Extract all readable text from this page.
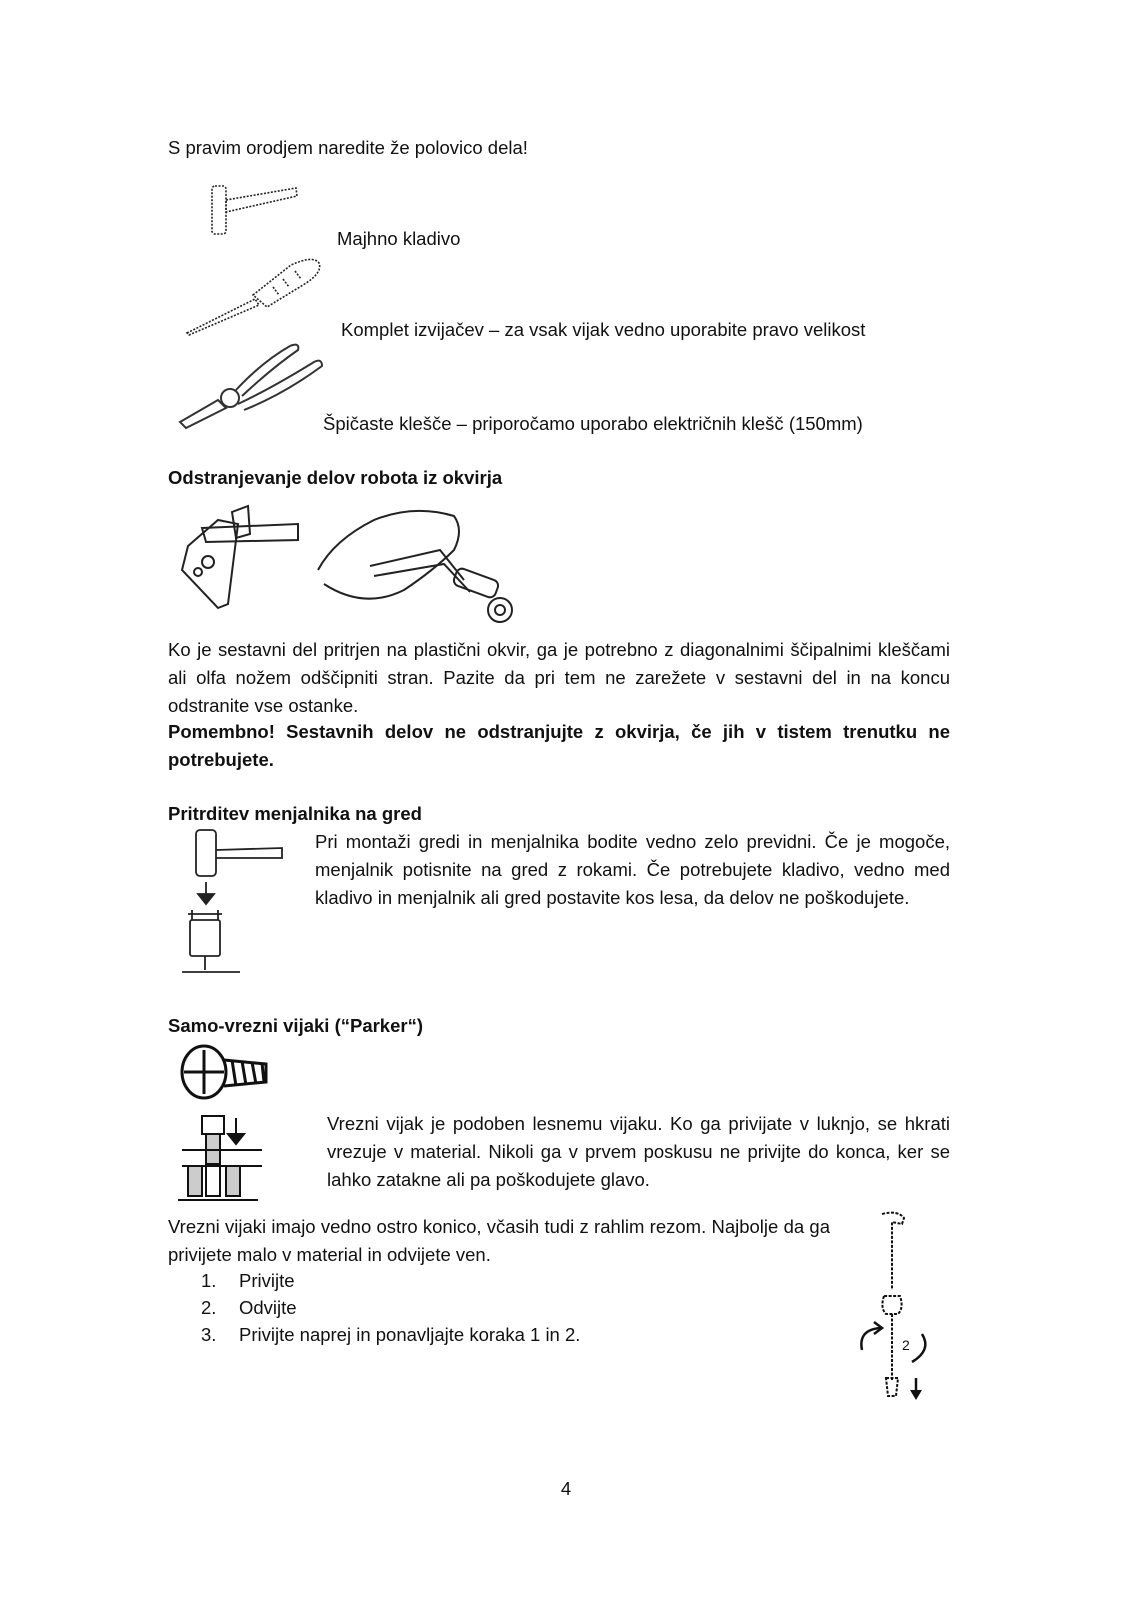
S pravim orodjem naredite že polovico dela!

Majhno kladivo

Komplet izvijačev – za vsak vijak vedno uporabite pravo velikost

Špičaste klešče – priporočamo uporabo električnih klešč (150mm)

Odstranjevanje delov robota iz okvirja

Ko je sestavni del pritrjen na plastični okvir, ga je potrebno z diagonalnimi ščipalnimi kleščami ali olfa nožem odščipniti stran. Pazite da pri tem ne zarežete v sestavni del in na koncu odstranite vse ostanke.
Pomembno! Sestavnih delov ne odstranjujte z okvirja, če jih v tistem trenutku ne potrebujete.

Pritrditev menjalnika na gred

Pri montaži gredi in menjalnika bodite vedno zelo previdni. Če je mogoče, menjalnik potisnite na gred z rokami. Če potrebujete kladivo, vedno med kladivo in menjalnik ali gred postavite kos lesa, da delov ne poškodujete.

Samo-vrezni vijaki (“Parker“)

Vrezni vijak je podoben lesnemu vijaku. Ko ga privijate v luknjo, se hkrati vrezuje v material. Nikoli ga v prvem poskusu ne privijte do konca, ker se lahko zatakne ali pa poškodujete glavo.
Vrezni vijaki imajo vedno ostro konico, včasih tudi z rahlim rezom. Najbolje da ga privijete malo v material in odvijete ven.
1. Privijte
2. Odvijte
3. Privijte naprej in ponavljajte koraka 1 in 2.	2

4
